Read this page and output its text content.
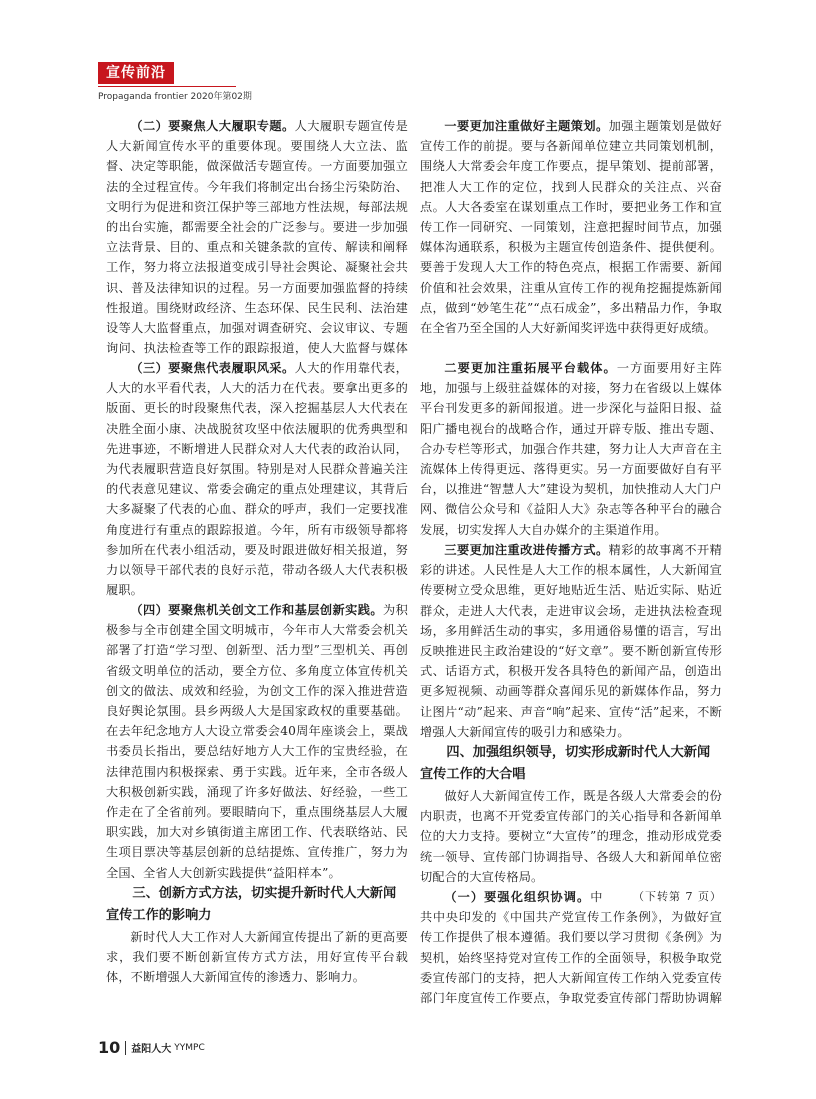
宣传前沿
Propaganda frontier 2020年第02期

（二）要聚焦人大履职专题。人大履职专题宣传是人大新闻宣传水平的重要体现。要围绕人大立法、监督、决定等职能，做深做活专题宣传。一方面要加强立法的全过程宣传。今年我们将制定出台扬尘污染防治、文明行为促进和资江保护等三部地方性法规，每部法规的出台实施，都需要全社会的广泛参与。要进一步加强立法背景、目的、重点和关键条款的宣传、解读和阐释工作，努力将立法报道变成引导社会舆论、凝聚社会共识、普及法律知识的过程。另一方面要加强监督的持续性报道。围绕财政经济、生态环保、民生民利、法治建设等人大监督重点，加强对调查研究、会议审议、专题询问、执法检查等工作的跟踪报道，使人大监督与媒体

（三）要聚焦代表履职风采。人大的作用靠代表，人大的水平看代表，人大的活力在代表。要拿出更多的版面、更长的时段聚焦代表，深入挖掘基层人大代表在决胜全面小康、决战脱贫攻坚中依法履职的优秀典型和先进事迹，不断增进人民群众对人大代表的政治认同，为代表履职营造良好氛围。特别是对人民群众普遍关注的代表意见建议、常委会确定的重点处理建议，其背后大多凝聚了代表的心血、群众的呼声，我们一定要找准角度进行有重点的跟踪报道。今年，所有市级领导都将参加所在代表小组活动，要及时跟进做好相关报道，努力以领导干部代表的良好示范，带动各级人大代表积极履职。

（四）要聚焦机关创文工作和基层创新实践。为积极参与全市创建全国文明城市，今年市人大常委会机关部署了打造“学习型、创新型、活力型”三型机关、再创省级文明单位的活动，要全方位、多角度立体宣传机关创文的做法、成效和经验，为创文工作的深入推进营造良好舆论氛围。县乡两级人大是国家政权的重要基础。在去年纪念地方人大设立常委会40周年座谈会上，粟战书委员长指出，要总结好地方人大工作的宝贵经验，在法律范围内积极探索、勇于实践。近年来，全市各级人大积极创新实践，涌现了许多好做法、好经验，一些工作走在了全省前列。要眼睛向下，重点围绕基层人大履职实践，加大对乡镇街道主席团工作、代表联络站、民生项目票决等基层创新的总结提炼、宣传推广，努力为全国、全省人大创新实践提供“益阳样本”。

三、创新方式方法，切实提升新时代人大新闻宣传工作的影响力

新时代人大工作对人大新闻宣传提出了新的更高要求，我们要不断创新宣传方式方法，用好宣传平台载体，不断增强人大新闻宣传的渗透力、影响力。

一要更加注重做好主题策划。加强主题策划是做好宣传工作的前提。要与各新闻单位建立共同策划机制，围绕人大常委会年度工作要点，提早策划、提前部署，把准人大工作的定位，找到人民群众的关注点、兴奋点。人大各委室在谋划重点工作时，要把业务工作和宣传工作一同研究、一同策划，注意把握时间节点，加强媒体沟通联系，积极为主题宣传创造条件、提供便利。要善于发现人大工作的特色亮点，根据工作需要、新闻价值和社会效果，注重从宣传工作的视角挖掘提炼新闻点，做到“妙笔生花”“点石成金”，多出精品力作，争取在全省乃至全国的人大好新闻奖评选中获得更好成绩。

二要更加注重拓展平台载体。一方面要用好主阵地，加强与上级驻益媒体的对接，努力在省级以上媒体平台刊发更多的新闻报道。进一步深化与益阳日报、益阳广播电视台的战略合作，通过开辟专版、推出专题、合办专栏等形式，加强合作共建，努力让人大声音在主流媒体上传得更远、落得更实。另一方面要做好自有平台，以推进“智慧人大”建设为契机，加快推动人大门户网、微信公众号和《益阳人大》杂志等各种平台的融合发展，切实发挥人大自办媒介的主渠道作用。

三要更加注重改进传播方式。精彩的故事离不开精彩的讲述。人民性是人大工作的根本属性，人大新闻宣传要树立受众思维，更好地贴近生活、贴近实际、贴近群众，走进人大代表，走进审议会场，走进执法检查现场，多用鲜活生动的事实，多用通俗易懂的语言，写出反映推进民主政治建设的“好文章”。要不断创新宣传形式、话语方式，积极开发各具特色的新闻产品，创造出更多短视频、动画等群众喜闻乐见的新媒体作品，努力让图片“动”起来、声音“响”起来、宣传“活”起来，不断增强人大新闻宣传的吸引力和感染力。

四、加强组织领导，切实形成新时代人大新闻宣传工作的大合唱

做好人大新闻宣传工作，既是各级人大常委会的份内职责，也离不开党委宣传部门的关心指导和各新闻单位的大力支持。要树立“大宣传”的理念，推动形成党委统一领导、宣传部门协调指导、各级人大和新闻单位密切配合的大宣传格局。

（下转第 7 页）
（一）要强化组织协调。中共中央印发的《中国共产党宣传工作条例》，为做好宣传工作提供了根本遵循。我们要以学习贯彻《条例》为契机，始终坚持党对宣传工作的全面领导，积极争取党委宣传部门的支持，把人大新闻宣传工作纳入党委宣传部门年度宣传工作要点，争取党委宣传部门帮助协调解

10 益阳人大 YYMPC
